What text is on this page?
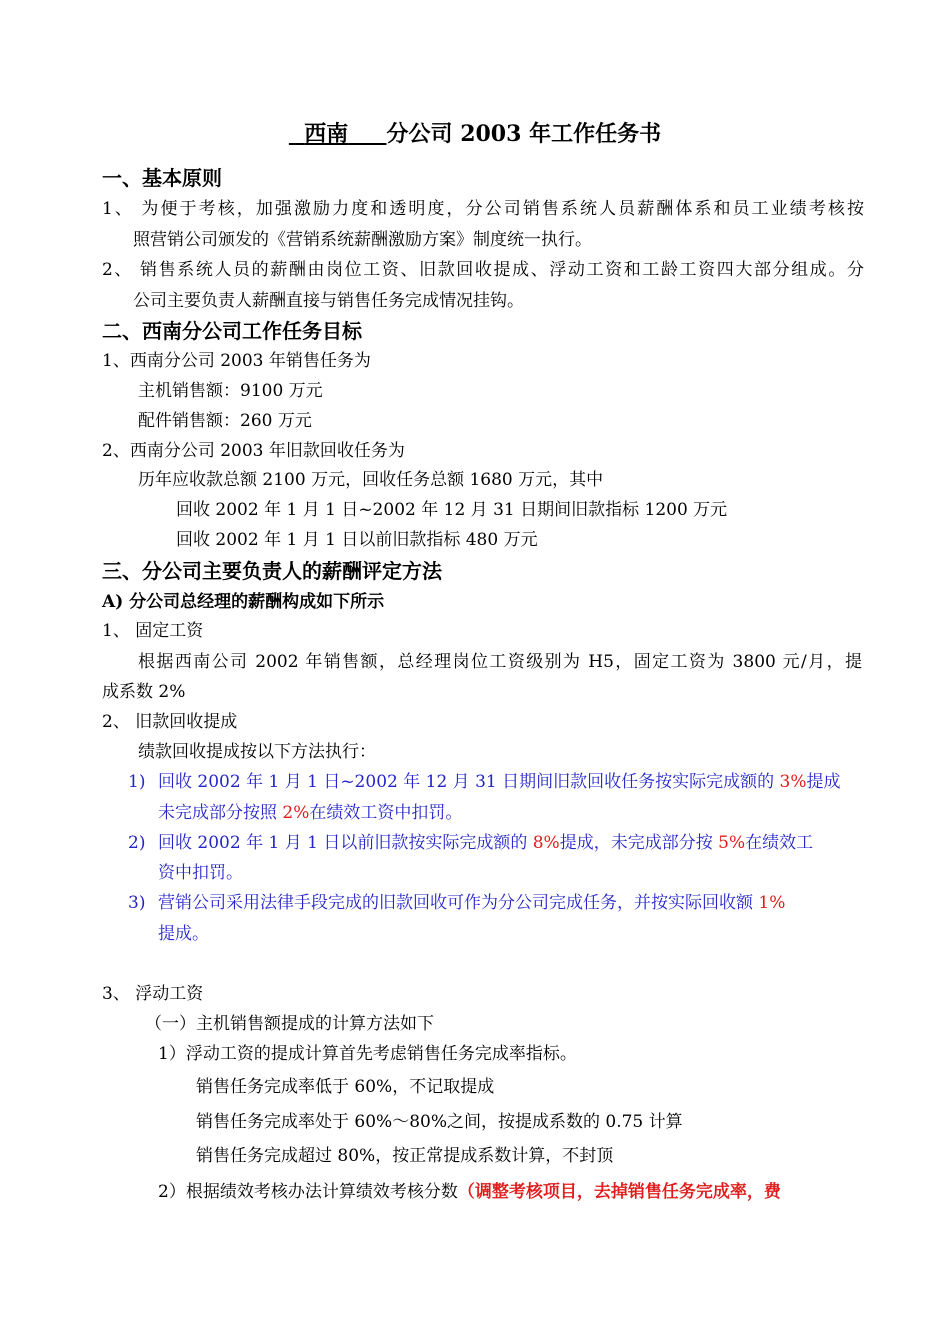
西南 分公司 2003 年工作任务书
一、基本原则
1、 为便于考核，加强激励力度和透明度，分公司销售系统人员薪酬体系和员工业绩考核按
照营销公司颁发的《营销系统薪酬激励方案》制度统一执行。
2、 销售系统人员的薪酬由岗位工资、旧款回收提成、浮动工资和工龄工资四大部分组成。分
公司主要负责人薪酬直接与销售任务完成情况挂钩。
二、西南分公司工作任务目标
1、西南分公司 2003 年销售任务为
主机销售额：9100 万元
配件销售额：260 万元
2、西南分公司 2003 年旧款回收任务为
历年应收款总额 2100 万元，回收任务总额 1680 万元，其中
回收 2002 年 1 月 1 日~2002 年 12 月 31 日期间旧款指标 1200 万元
回收 2002 年 1 月 1 日以前旧款指标 480 万元
三、分公司主要负责人的薪酬评定方法
A) 分公司总经理的薪酬构成如下所示
1、 固定工资
根据西南公司 2002 年销售额，总经理岗位工资级别为 H5，固定工资为 3800 元/月，提
成系数 2%
2、 旧款回收提成
绩款回收提成按以下方法执行：
1) 回收 2002 年 1 月 1 日~2002 年 12 月 31 日期间旧款回收任务按实际完成额的 3%提成
未完成部分按照 2%在绩效工资中扣罚。
2) 回收 2002 年 1 月 1 日以前旧款按实际完成额的 8%提成，未完成部分按 5%在绩效工
资中扣罚。
3) 营销公司采用法律手段完成的旧款回收可作为分公司完成任务，并按实际回收额 1%
提成。
3、 浮动工资
（一）主机销售额提成的计算方法如下
1）浮动工资的提成计算首先考虑销售任务完成率指标。
销售任务完成率低于 60%，不记取提成
销售任务完成率处于 60%～80%之间，按提成系数的 0.75 计算
销售任务完成超过 80%，按正常提成系数计算，不封顶
2）根据绩效考核办法计算绩效考核分数（调整考核项目，去掉销售任务完成率，费
